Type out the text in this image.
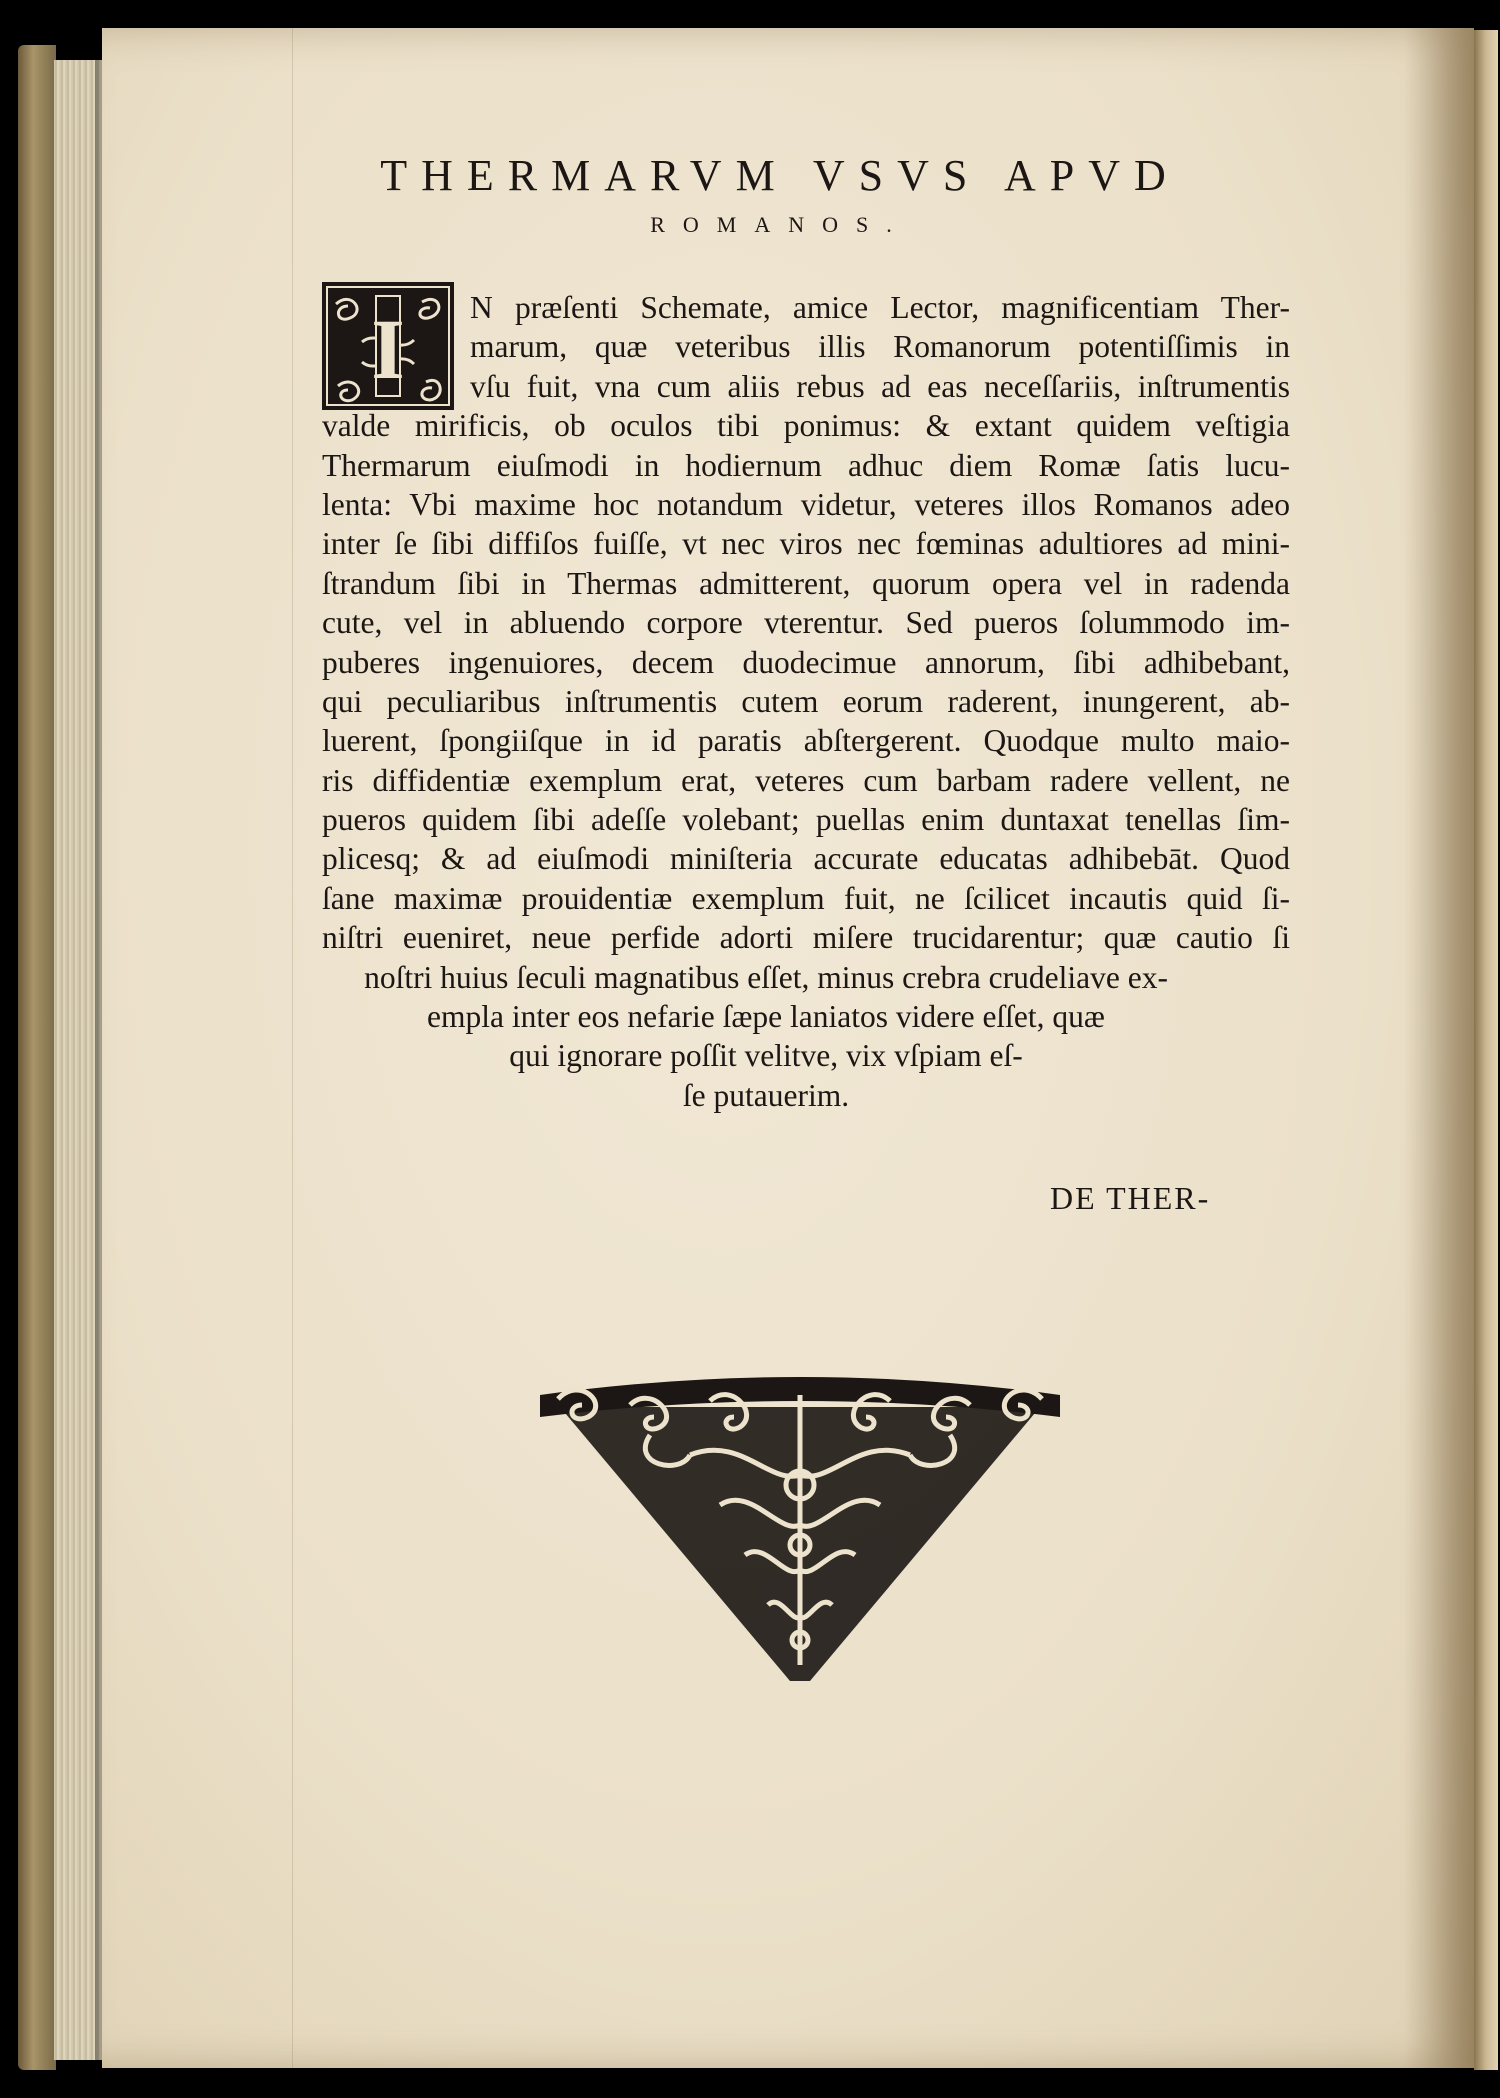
THERMARVM VSVS APVD
ROMANOS.
I	N præſenti Schemate, amice Lector, magnificentiam Ther-
marum, quæ veteribus illis Romanorum potentiſſimis in
vſu fuit, vna cum aliis rebus ad eas neceſſariis, inſtrumentis
valde mirificis, ob oculos tibi ponimus: & extant quidem veſtigia
Thermarum eiuſmodi in hodiernum adhuc diem Romæ ſatis lucu-
lenta: Vbi maxime hoc notandum videtur, veteres illos Romanos adeo
inter ſe ſibi diffiſos fuiſſe, vt nec viros nec fœminas adultiores ad mini-
ſtrandum ſibi in Thermas admitterent, quorum opera vel in radenda
cute, vel in abluendo corpore vterentur. Sed pueros ſolummodo im-
puberes ingenuiores, decem duodecimue annorum, ſibi adhibebant,
qui peculiaribus inſtrumentis cutem eorum raderent, inungerent, ab-
luerent, ſpongiiſque in id paratis abſtergerent. Quodque multo maio-
ris diffidentiæ exemplum erat, veteres cum barbam radere vellent, ne
pueros quidem ſibi adeſſe volebant; puellas enim duntaxat tenellas ſim-
plicesq; & ad eiuſmodi miniſteria accurate educatas adhibebāt. Quod
ſane maximæ prouidentiæ exemplum fuit, ne ſcilicet incautis quid ſi-
niſtri eueniret, neue perfide adorti miſere trucidarentur; quæ cautio ſi
noſtri huius ſeculi magnatibus eſſet, minus crebra crudeliave ex-
empla inter eos nefarie ſæpe laniatos videre eſſet, quæ
qui ignorare poſſit velitve, vix vſpiam eſ-
ſe putauerim.
DE THER-
